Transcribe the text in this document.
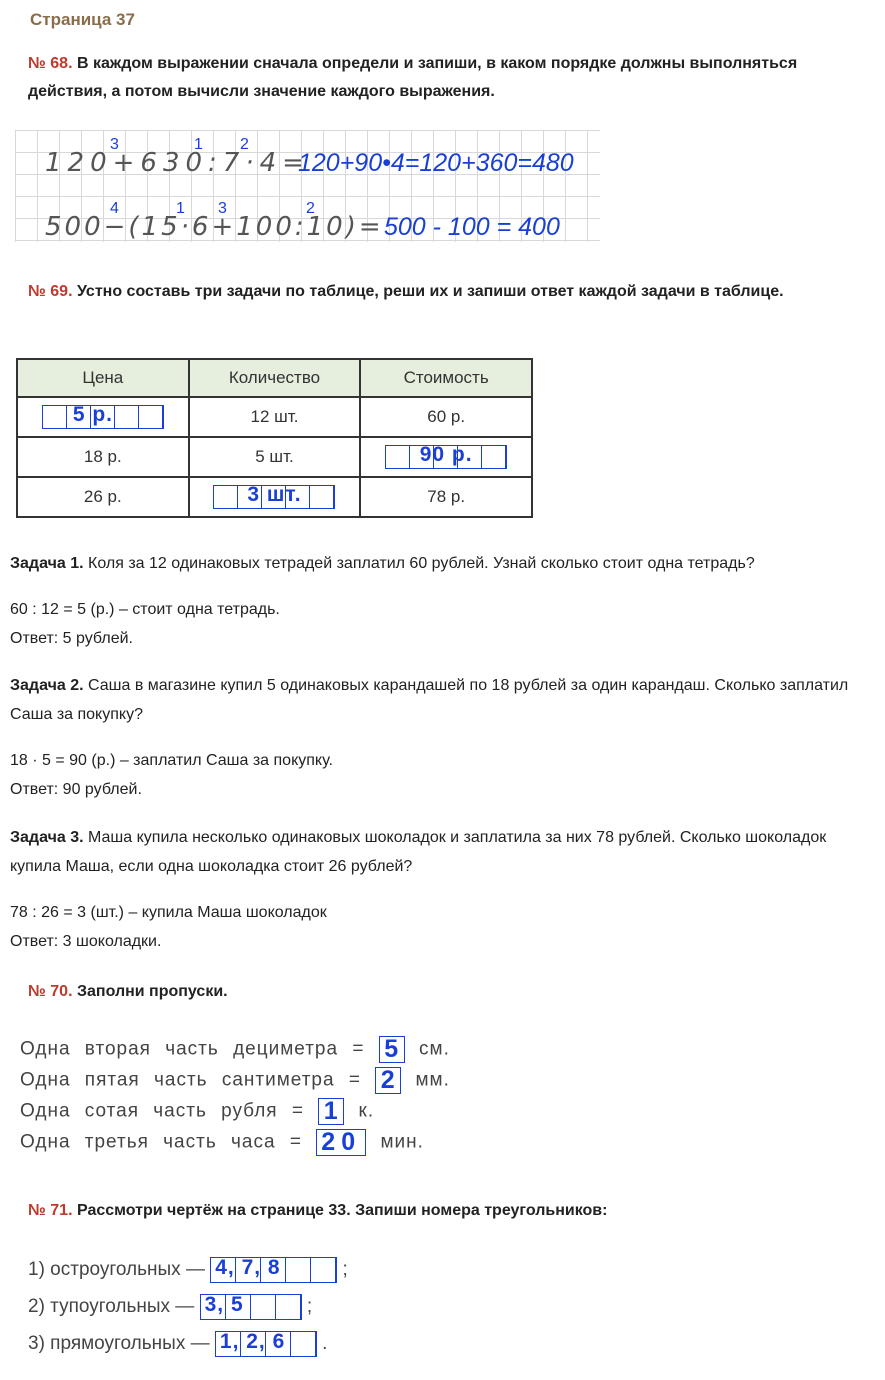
Страница 37
№ 68. В каждом выражении сначала определи и запиши, в каком порядке должны выполняться действия, а потом вычисли значение каждого выражения.
3	1 2
120+630:7·4=
120+90•4=120+360=480
4	1 3	2
500−(15·6+100:10)= 500 - 100 = 400
№ 69. Устно составь три задачи по таблице, реши их и запиши ответ каждой задачи в таблице.
Цена	Количество	Стоимость

5 р.	12 шт.	60 р.
18 р.	5 шт.	90 р.

26 р.	3 шт.	78 р.
Задача 1. Коля за 12 одинаковых тетрадей заплатил 60 рублей. Узнай сколько стоит одна тетрадь?
60 : 12 = 5 (р.) – стоит одна тетрадь.
Ответ: 5 рублей.
Задача 2. Саша в магазине купил 5 одинаковых карандашей по 18 рублей за один карандаш. Сколько заплатил Саша за покупку?
18 · 5 = 90 (р.) – заплатил Саша за покупку.
Ответ: 90 рублей.
Задача 3. Маша купила несколько одинаковых шоколадок и заплатила за них 78 рублей. Сколько шоколадок купила Маша, если одна шоколадка стоит 26 рублей?
78 : 26 = 3 (шт.) – купила Маша шоколадок
Ответ: 3 шоколадки.
№ 70. Заполни пропуски.
Одна вторая часть дециметра = 5 см.
Одна пятая часть сантиметра = 2 мм.
Одна сотая часть рубля = 1 к.
Одна третья часть часа = 20 мин.
№ 71. Рассмотри чертёж на странице 33. Запиши номера треугольников:
1) остроугольных — 4, 7, 8	;
2) тупоугольных — 3, 5	;
3) прямоугольных — 1, 2, 6 .
